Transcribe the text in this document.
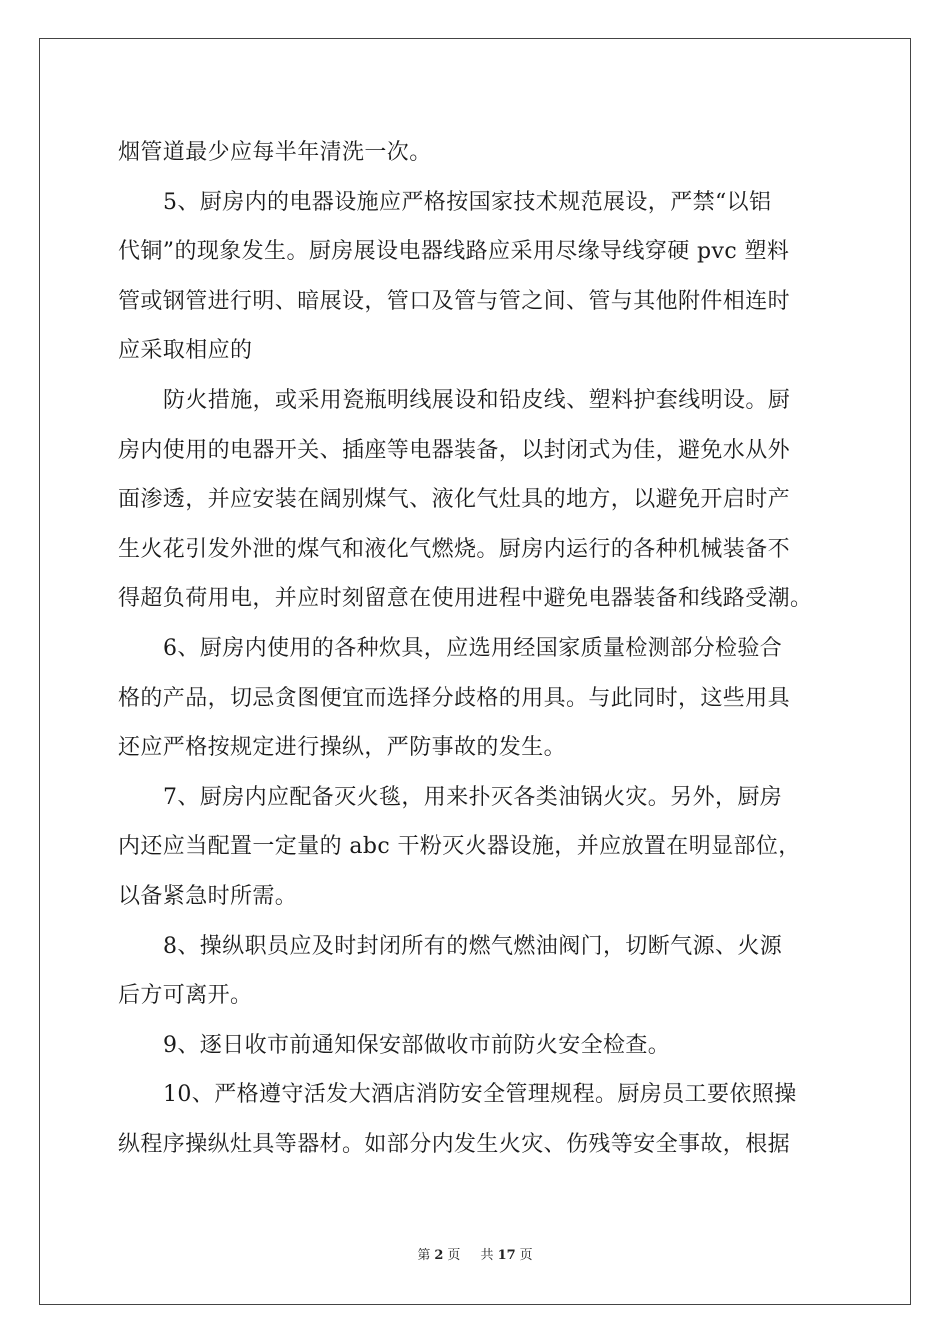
烟管道最少应每半年清洗一次。
5、厨房内的电器设施应严格按国家技术规范展设，严禁“以铝
代铜”的现象发生。厨房展设电器线路应采用尽缘导线穿硬 pvc 塑料
管或钢管进行明、暗展设，管口及管与管之间、管与其他附件相连时
应采取相应的
防火措施，或采用瓷瓶明线展设和铅皮线、塑料护套线明设。厨
房内使用的电器开关、插座等电器装备，以封闭式为佳，避免水从外
面渗透，并应安装在阔别煤气、液化气灶具的地方，以避免开启时产
生火花引发外泄的煤气和液化气燃烧。厨房内运行的各种机械装备不
得超负荷用电，并应时刻留意在使用进程中避免电器装备和线路受潮。
6、厨房内使用的各种炊具，应选用经国家质量检测部分检验合
格的产品，切忌贪图便宜而选择分歧格的用具。与此同时，这些用具
还应严格按规定进行操纵，严防事故的发生。
7、厨房内应配备灭火毯，用来扑灭各类油锅火灾。另外，厨房
内还应当配置一定量的 abc 干粉灭火器设施，并应放置在明显部位，
以备紧急时所需。
8、操纵职员应及时封闭所有的燃气燃油阀门，切断气源、火源
后方可离开。
9、逐日收市前通知保安部做收市前防火安全检查。
10、严格遵守活发大酒店消防安全管理规程。厨房员工要依照操
纵程序操纵灶具等器材。如部分内发生火灾、伤残等安全事故，根据
第 2 页 共 17 页
